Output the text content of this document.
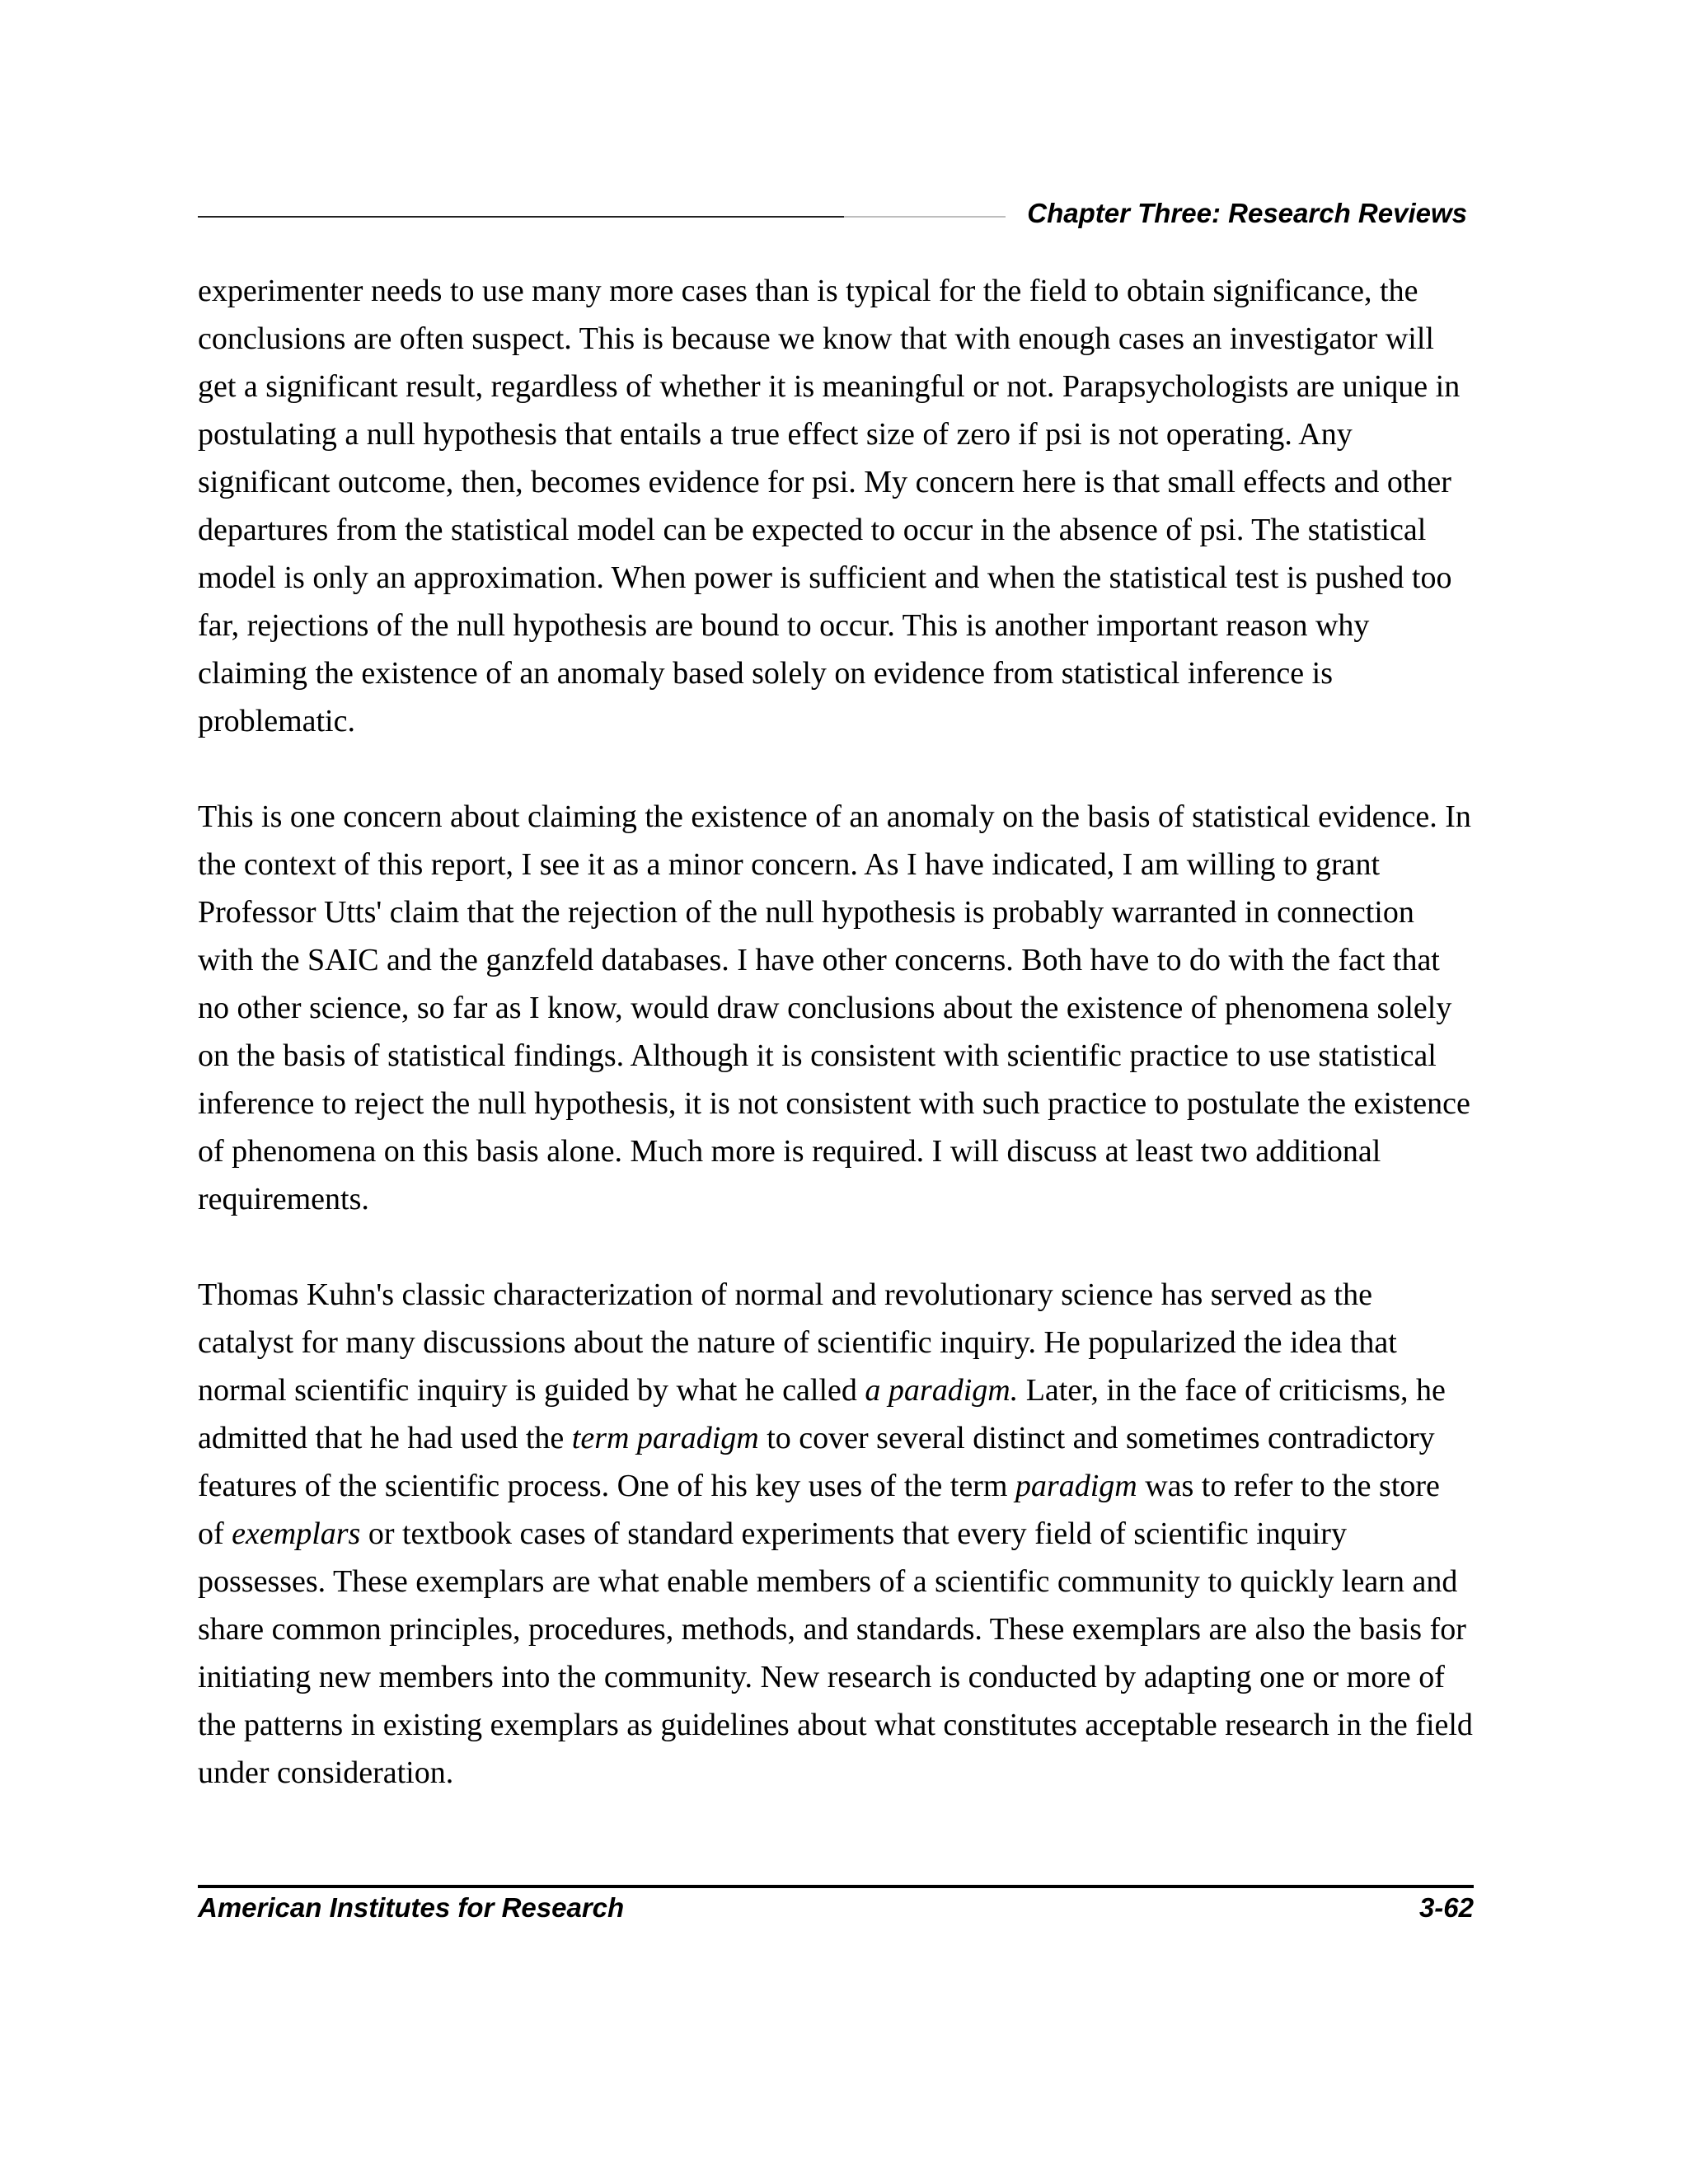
Chapter Three: Research Reviews

experimenter needs to use many more cases than is typical for the field to obtain significance, the conclusions are often suspect. This is because we know that with enough cases an investigator will get a significant result, regardless of whether it is meaningful or not. Parapsychologists are unique in postulating a null hypothesis that entails a true effect size of zero if psi is not operating. Any significant outcome, then, becomes evidence for psi. My concern here is that small effects and other departures from the statistical model can be expected to occur in the absence of psi. The statistical model is only an approximation. When power is sufficient and when the statistical test is pushed too far, rejections of the null hypothesis are bound to occur. This is another important reason why claiming the existence of an anomaly based solely on evidence from statistical inference is problematic.

This is one concern about claiming the existence of an anomaly on the basis of statistical evidence. In the context of this report, I see it as a minor concern. As I have indicated, I am willing to grant Professor Utts' claim that the rejection of the null hypothesis is probably warranted in connection with the SAIC and the ganzfeld databases. I have other concerns. Both have to do with the fact that no other science, so far as I know, would draw conclusions about the existence of phenomena solely on the basis of statistical findings. Although it is consistent with scientific practice to use statistical inference to reject the null hypothesis, it is not consistent with such practice to postulate the existence of phenomena on this basis alone. Much more is required. I will discuss at least two additional requirements.

Thomas Kuhn's classic characterization of normal and revolutionary science has served as the catalyst for many discussions about the nature of scientific inquiry. He popularized the idea that normal scientific inquiry is guided by what he called a paradigm. Later, in the face of criticisms, he admitted that he had used the term paradigm to cover several distinct and sometimes contradictory features of the scientific process. One of his key uses of the term paradigm was to refer to the store of exemplars or textbook cases of standard experiments that every field of scientific inquiry possesses. These exemplars are what enable members of a scientific community to quickly learn and share common principles, procedures, methods, and standards. These exemplars are also the basis for initiating new members into the community. New research is conducted by adapting one or more of the patterns in existing exemplars as guidelines about what constitutes acceptable research in the field under consideration.

American Institutes for Research	3-62
